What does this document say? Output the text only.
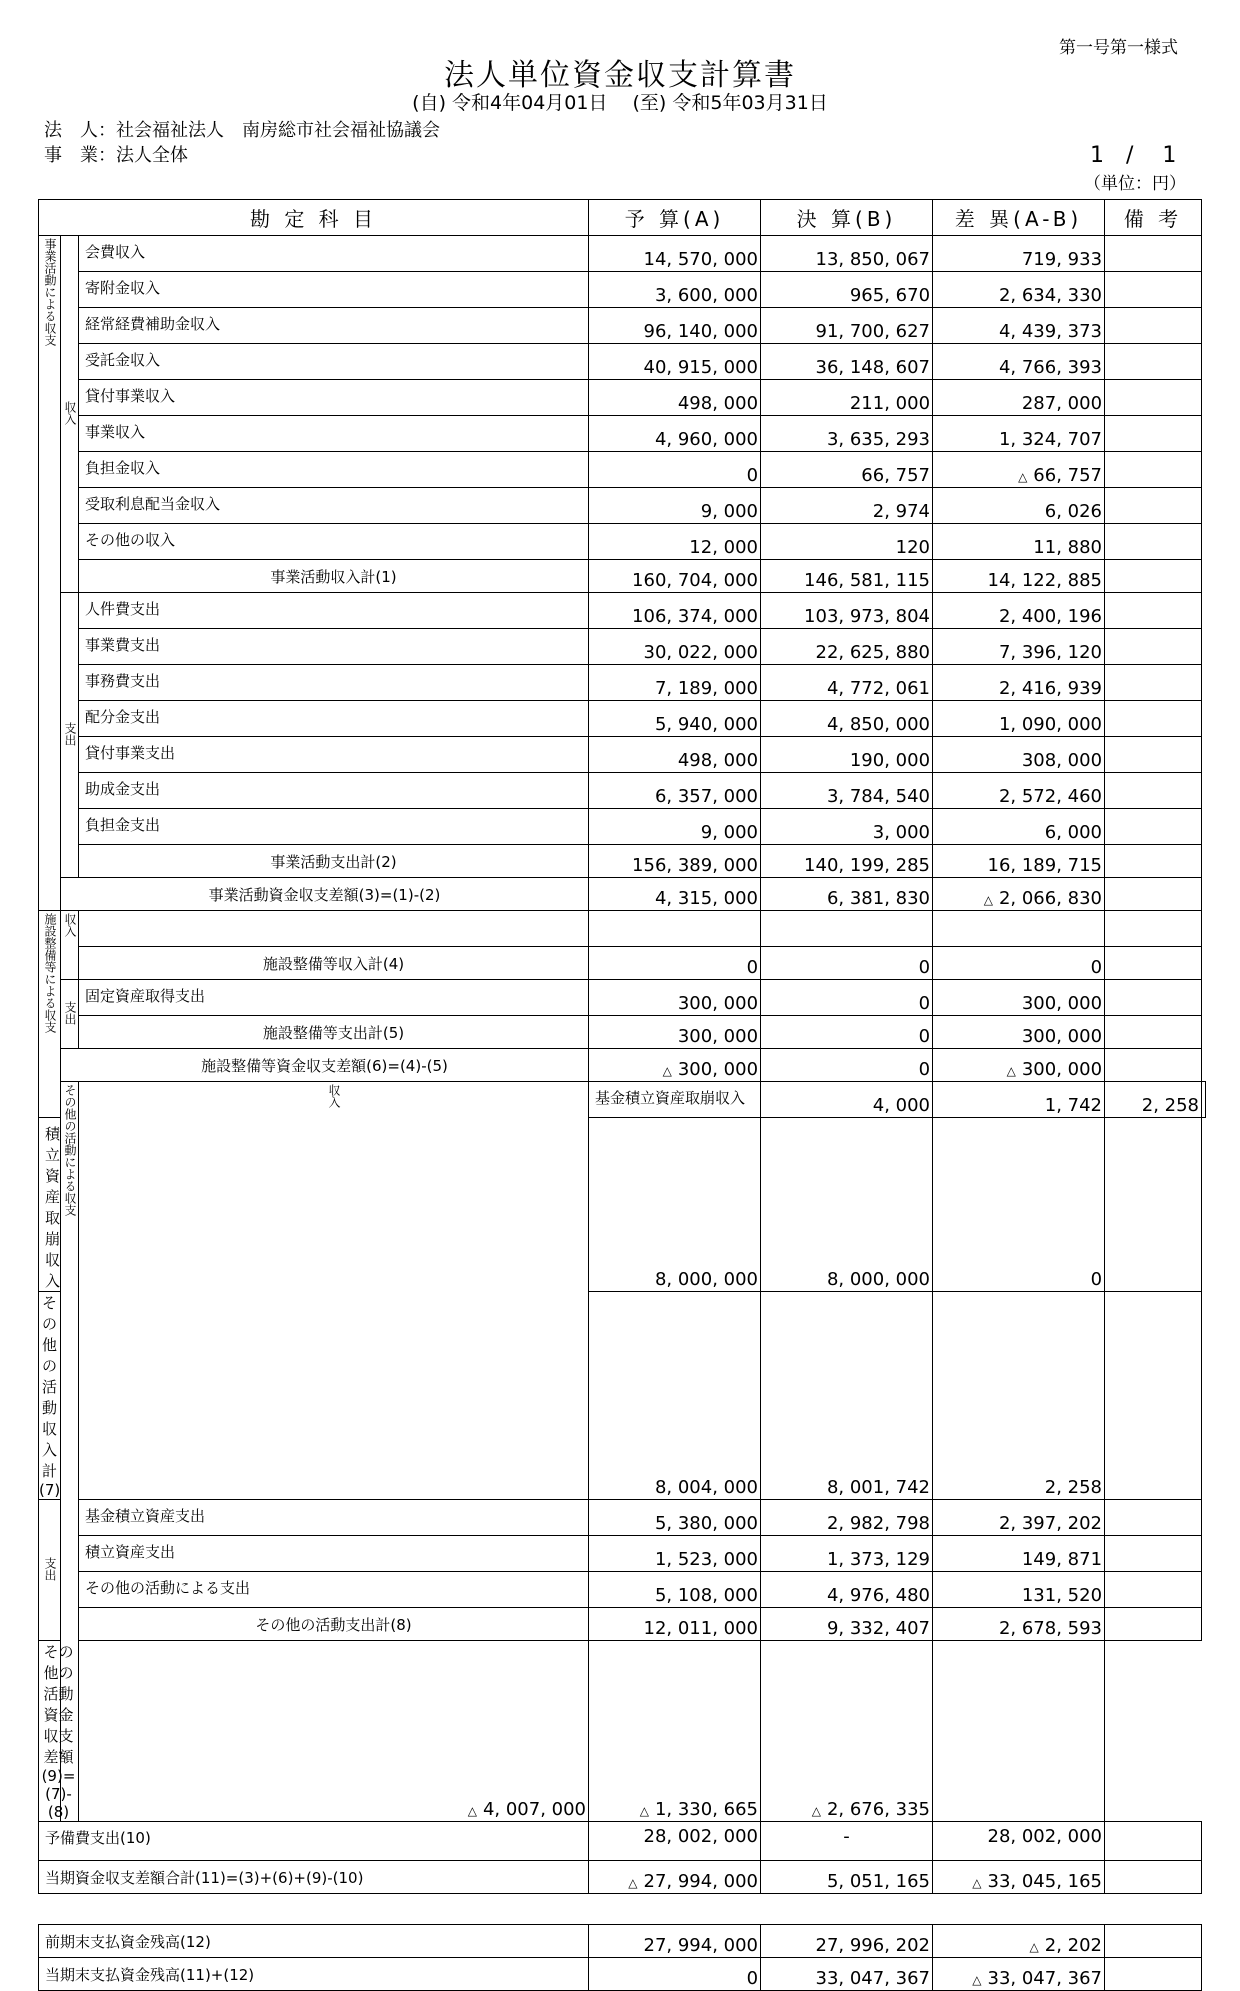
第一号第一様式
法人単位資金収支計算書
(自) 令和4年04月01日　 (至) 令和5年03月31日
法　人：社会福祉法人　南房総市社会福祉協議会
事　業：法人全体	1　/　 1
（単位：円）
勘 定 科 目			予 算(A)	決 算(B)	差 異(A-B)	備 考	
事業活動による収支	収入	会費収入	14, 570, 000	13, 850, 067	719, 933		
		寄附金収入	3, 600, 000	965, 670	2, 634, 330		
		経常経費補助金収入	96, 140, 000	91, 700, 627	4, 439, 373		
		受託金収入	40, 915, 000	36, 148, 607	4, 766, 393		
		貸付事業収入	498, 000	211, 000	287, 000		
		事業収入	4, 960, 000	3, 635, 293	1, 324, 707		
		負担金収入	0	66, 757	△ 66, 757		
		受取利息配当金収入	9, 000	2, 974	6, 026		
		その他の収入	12, 000	120	11, 880		
		事業活動収入計(1)	160, 704, 000	146, 581, 115	14, 122, 885		
	支出	人件費支出	106, 374, 000	103, 973, 804	2, 400, 196		
		事業費支出	30, 022, 000	22, 625, 880	7, 396, 120		
		事務費支出	7, 189, 000	4, 772, 061	2, 416, 939		
		配分金支出	5, 940, 000	4, 850, 000	1, 090, 000		
		貸付事業支出	498, 000	190, 000	308, 000		
		助成金支出	6, 357, 000	3, 784, 540	2, 572, 460		
		負担金支出	9, 000	3, 000	6, 000		
		事業活動支出計(2)	156, 389, 000	140, 199, 285	16, 189, 715		
	事業活動資金収支差額(3)=(1)-(2)		4, 315, 000	6, 381, 830	△ 2, 066, 830		
施設整備等による収支	収入						
		施設整備等収入計(4)	0	0	0		
	支出	固定資産取得支出	300, 000	0	300, 000		
		施設整備等支出計(5)	300, 000	0	300, 000		
	施設整備等資金収支差額(6)=(4)-(5)		△ 300, 000	0	△ 300, 000		
	その他の活動による収支	収入	基金積立資産取崩収入	4, 000	1, 742	2, 258	
積立資産取崩収入			8, 000, 000	8, 000, 000	0		
その他の活動収入計(7)			8, 004, 000	8, 001, 742	2, 258		
支出		基金積立資産支出	5, 380, 000	2, 982, 798	2, 397, 202		
		積立資産支出	1, 523, 000	1, 373, 129	149, 871		
		その他の活動による支出	5, 108, 000	4, 976, 480	131, 520		
		その他の活動支出計(8)	12, 011, 000	9, 332, 407	2, 678, 593		
その他の活動資金収支差額(9)=(7)-(8)		△ 4, 007, 000	△ 1, 330, 665	△ 2, 676, 335			
予備費支出(10)			28, 002, 000	-	28, 002, 000		
当期資金収支差額合計(11)=(3)+(6)+(9)-(10)			△ 27, 994, 000	5, 051, 165	△ 33, 045, 165		

前期末支払資金残高(12)			27, 994, 000	27, 996, 202	△ 2, 202		
当期末支払資金残高(11)+(12)			0	33, 047, 367	△ 33, 047, 367		
